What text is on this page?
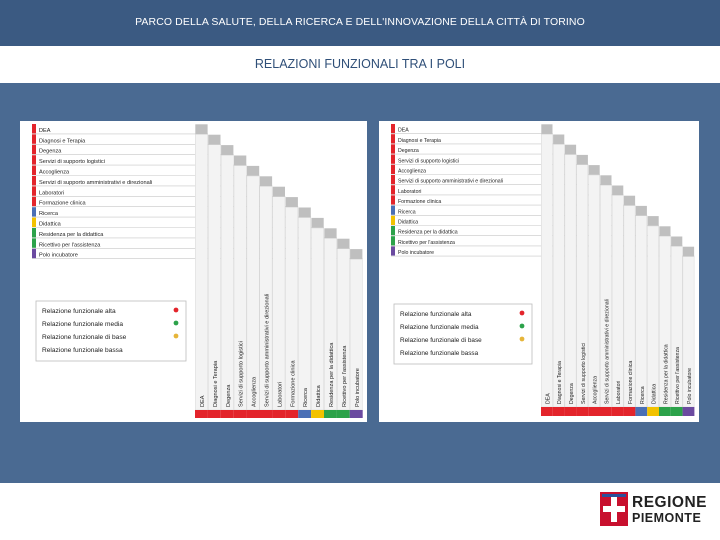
PARCO DELLA SALUTE, DELLA RICERCA E DELL'INNOVAZIONE DELLA CITTÀ DI TORINO
RELAZIONI FUNZIONALI TRA I POLI
DEA
Diagnosi e Terapia
Degenza
Servizi di supporto logistici
Accoglienza
Servizi di supporto amministrativi e direzionali
Laboratori
Formazione clinica
Ricerca
Didattica
Residenza per la didattica
Ricettivo per l'assistenza
Polo incubatore
DEA Diagnosi e Terapia Degenza Servizi di supporto logistici Accoglienza Servizi di supporto amministrativi e direzionali Laboratori Formazione clinica Ricerca Didattica Residenza per la didattica Ricettivo per l'assistenza Polo incubatore
Relazione funzionale alta
Relazione funzionale media
Relazione funzionale di base
Relazione funzionale bassa
DEA
Diagnosi e Terapia
Degenza
Servizi di supporto logistici
Accoglienza
Servizi di supporto amministrativi e direzionali
Laboratori
Formazione clinica
Ricerca
Didattica
Residenza per la didattica
Ricettivo per l'assistenza
Polo incubatore
DEA Diagnosi e Terapia Degenza Servizi di supporto logistici Accoglienza Servizi di supporto amministrativi e direzionali Laboratori Formazione clinica Ricerca Didattica Residenza per la didattica Ricettivo per l'assistenza Polo incubatore
Relazione funzionale alta
Relazione funzionale media
Relazione funzionale di base
Relazione funzionale bassa
REGIONE
PIEMONTE
